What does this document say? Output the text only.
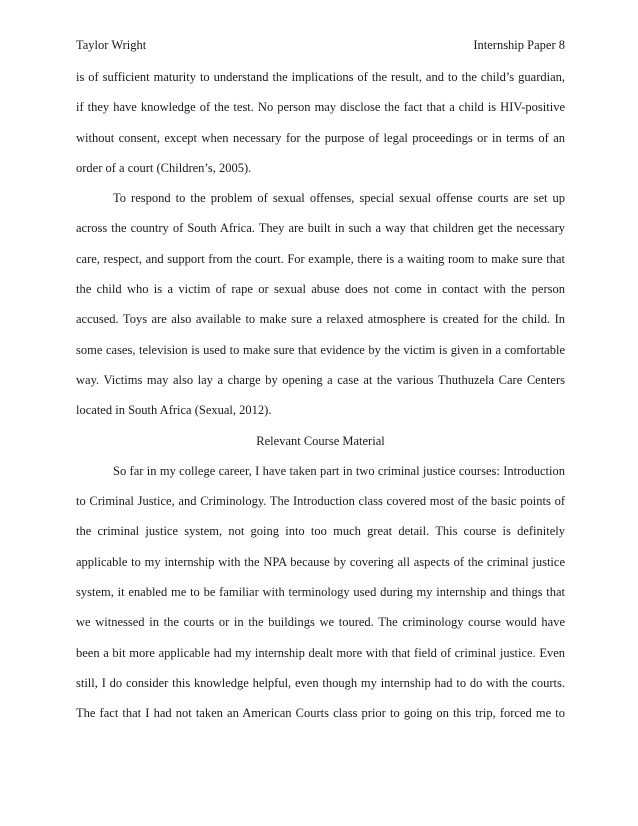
Taylor Wright	Internship Paper 8
is of sufficient maturity to understand the implications of the result, and to the child’s guardian,
if they have knowledge of the test. No person may disclose the fact that a child is HIV-positive
without consent, except when necessary for the purpose of legal proceedings or in terms of an
order of a court (Children’s, 2005).
To respond to the problem of sexual offenses, special sexual offense courts are set up
across the country of South Africa. They are built in such a way that children get the necessary
care, respect, and support from the court. For example, there is a waiting room to make sure that
the child who is a victim of rape or sexual abuse does not come in contact with the person
accused. Toys are also available to make sure a relaxed atmosphere is created for the child. In
some cases, television is used to make sure that evidence by the victim is given in a comfortable
way. Victims may also lay a charge by opening a case at the various Thuthuzela Care Centers
located in South Africa (Sexual, 2012).
Relevant Course Material
So far in my college career, I have taken part in two criminal justice courses: Introduction
to Criminal Justice, and Criminology. The Introduction class covered most of the basic points of
the criminal justice system, not going into too much great detail. This course is definitely
applicable to my internship with the NPA because by covering all aspects of the criminal justice
system, it enabled me to be familiar with terminology used during my internship and things that
we witnessed in the courts or in the buildings we toured. The criminology course would have
been a bit more applicable had my internship dealt more with that field of criminal justice. Even
still, I do consider this knowledge helpful, even though my internship had to do with the courts.
The fact that I had not taken an American Courts class prior to going on this trip, forced me to
